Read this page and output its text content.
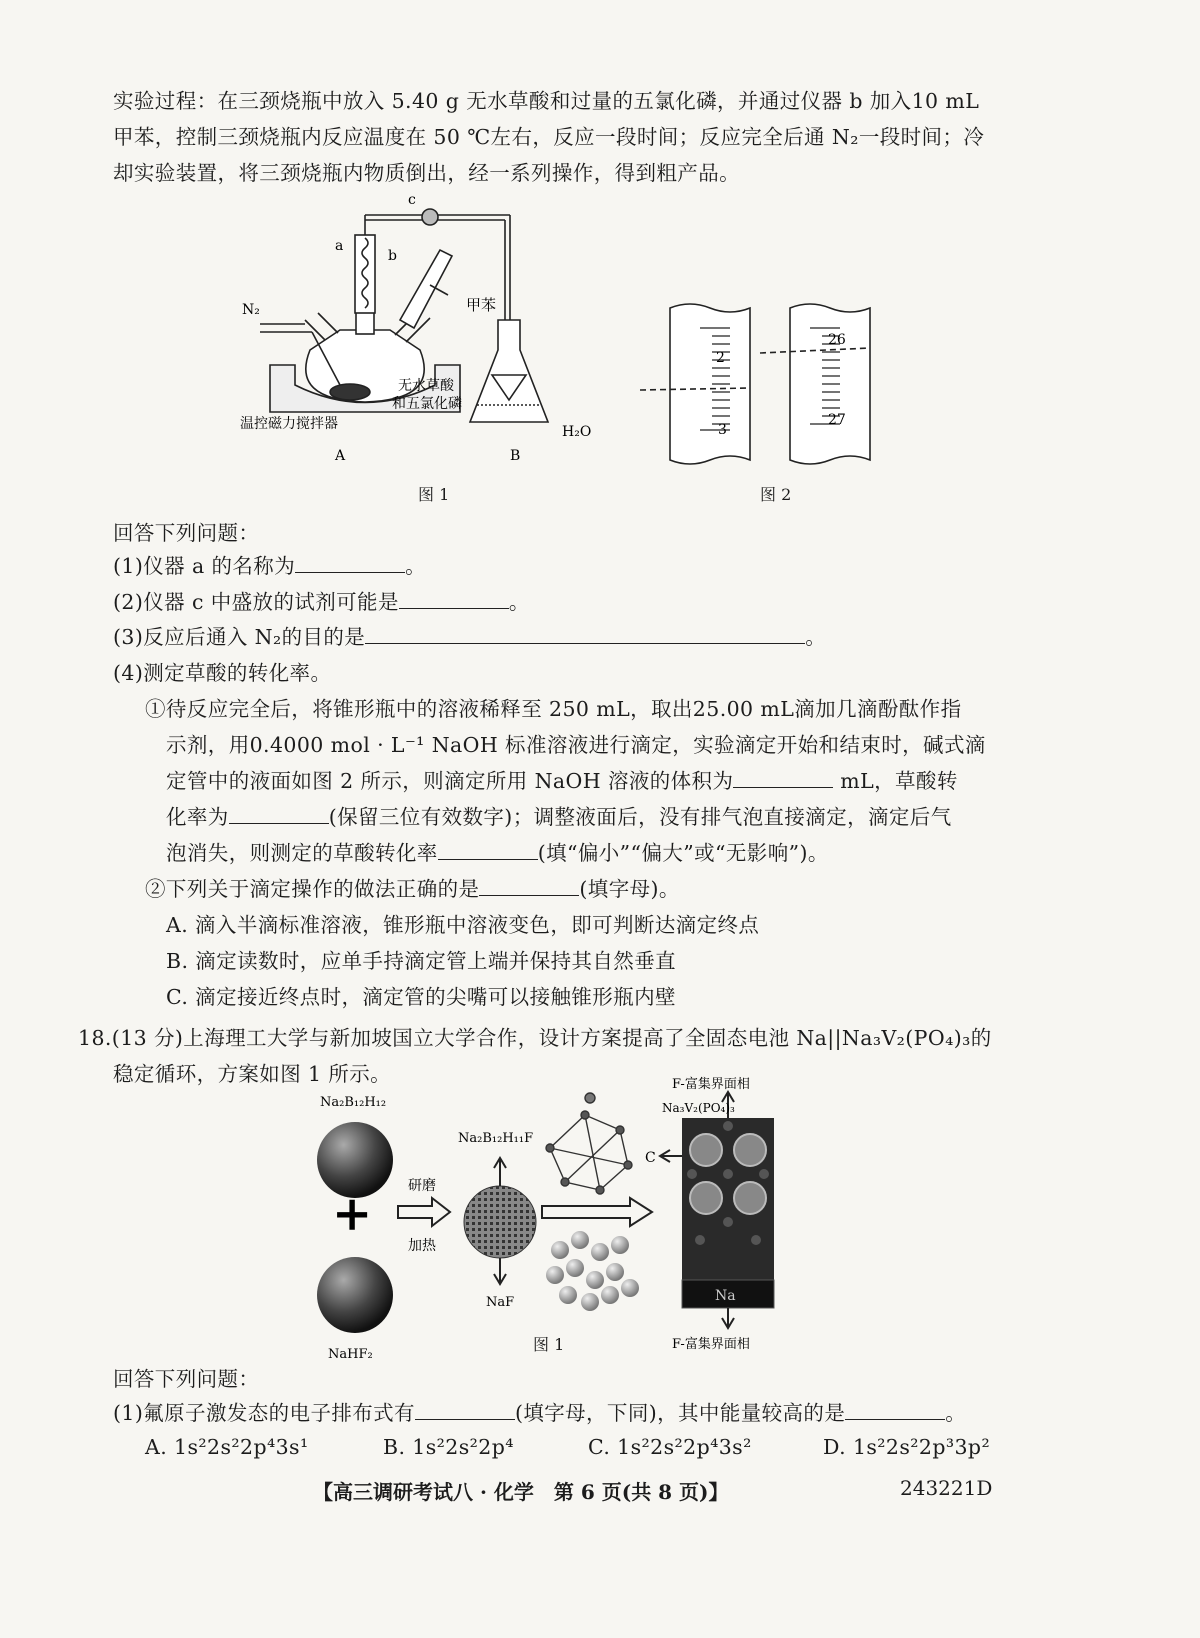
实验过程：在三颈烧瓶中放入 5.40 g 无水草酸和过量的五氯化磷，并通过仪器 b 加入10 mL
甲苯，控制三颈烧瓶内反应温度在 50 ℃左右，反应一段时间；反应完全后通 N₂一段时间；冷
却实验装置，将三颈烧瓶内物质倒出，经一系列操作，得到粗产品。
c
a
b
N₂	甲苯
无水草酸
和五氯化磷
温控磁力搅拌器	H₂O
A	B
图 1
2
3
26
27
图 2
回答下列问题：
(1)仪器 a 的名称为	。
(2)仪器 c 中盛放的试剂可能是	。
(3)反应后通入 N₂的目的是	。
(4)测定草酸的转化率。
①待反应完全后，将锥形瓶中的溶液稀释至 250 mL，取出25.00 mL滴加几滴酚酞作指
示剂，用0.4000 mol · L⁻¹ NaOH 标准溶液进行滴定，实验滴定开始和结束时，碱式滴
定管中的液面如图 2 所示，则滴定所用 NaOH 溶液的体积为	mL，草酸转
化率为	(保留三位有效数字)；调整液面后，没有排气泡直接滴定，滴定后气
泡消失，则测定的草酸转化率	(填“偏小”“偏大”或“无影响”)。
②下列关于滴定操作的做法正确的是	(填字母)。
A. 滴入半滴标准溶液，锥形瓶中溶液变色，即可判断达滴定终点
B. 滴定读数时，应单手持滴定管上端并保持其自然垂直
C. 滴定接近终点时，滴定管的尖嘴可以接触锥形瓶内壁
18.(13 分)上海理工大学与新加坡国立大学合作，设计方案提高了全固态电池 Na||Na₃V₂(PO₄)₃的
稳定循环，方案如图 1 所示。
Na₂B₁₂H₁₂
+
NaHF₂
研磨
加热
Na₂B₁₂H₁₁F
NaF	Na
C
F-富集界面相
Na₃V₂(PO₄)₃
F-富集界面相
图 1
回答下列问题：
(1)氟原子激发态的电子排布式有	(填字母，下同)，其中能量较高的是	。
A. 1s²2s²2p⁴3s¹	B. 1s²2s²2p⁴	C. 1s²2s²2p⁴3s²	D. 1s²2s²2p³3p²
【高三调研考试八 · 化学　第 6 页(共 8 页)】	243221D
